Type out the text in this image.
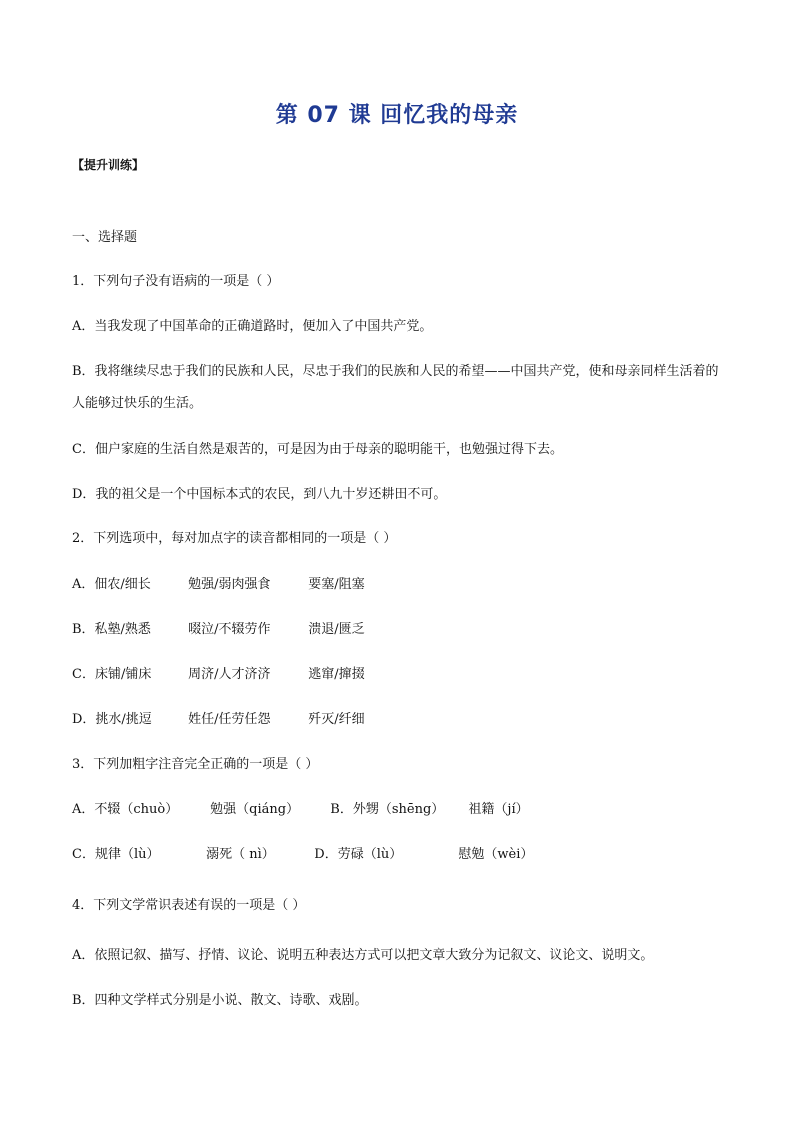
第 07 课 回忆我的母亲
【提升训练】
一、选择题
1．下列句子没有语病的一项是（ ）
A．当我发现了中国革命的正确道路时，便加入了中国共产党。
B．我将继续尽忠于我们的民族和人民，尽忠于我们的民族和人民的希望——中国共产党，使和母亲同样生活着的人能够过快乐的生活。
C．佃户家庭的生活自然是艰苦的，可是因为由于母亲的聪明能干，也勉强过得下去。
D．我的祖父是一个中国标本式的农民，到八九十岁还耕田不可。
2．下列选项中，每对加点字的读音都相同的一项是（ ）
A．佃农/细长	勉强/弱肉强食	要塞/阻塞
B．私塾/熟悉	啜泣/不辍劳作	溃退/匮乏
C．床铺/铺床	周济/人才济济	逃窜/撺掇
D．挑水/挑逗	姓任/任劳任怨	歼灭/纤细
3．下列加粗字注音完全正确的一项是（ ）
A．不辍（chuò） 勉强（qiáng） B．外甥（shēng） 祖籍（jí）
C．规律（lù）	溺死（ nì）	D．劳碌（lù）	慰勉（wèi）
4．下列文学常识表述有误的一项是（ ）
A．依照记叙、描写、抒情、议论、说明五种表达方式可以把文章大致分为记叙文、议论文、说明文。
B．四种文学样式分别是小说、散文、诗歌、戏剧。
